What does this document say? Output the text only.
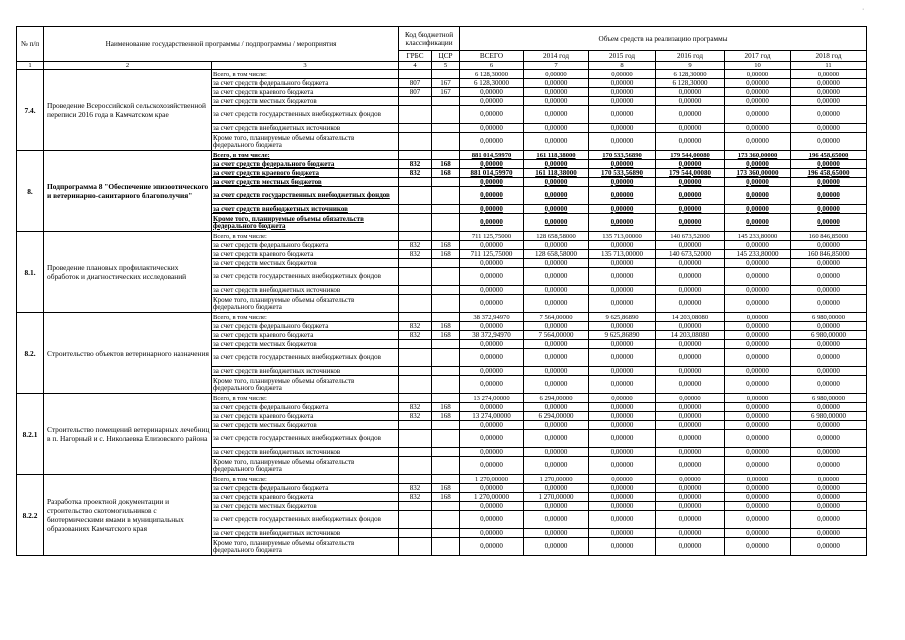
·
№ п/п	Наименование государственной программы / подпрограммы / мероприятия		Код бюджетной классификации		Объем средств на реализацию программы					
			ГРБС	ЦСР	ВСЕГО	2014 год	2015 год	2016 год	2017 год	2018 год
1	2	3	4	5	6	7	8	9	10	11
7.4.	Проведение Всероссийской сельскохозяйственной переписи 2016 года в Камчатском крае	Всего, в том числе:			6 128,30000	0,00000	0,00000	6 128,30000	0,00000	0,00000
		за счет средств федерального бюджета	807	167	6 128,30000	0,00000	0,00000	6 128,30000	0,00000	0,00000
		за счет средств краевого бюджета	807	167	0,00000	0,00000	0,00000	0,00000	0,00000	0,00000
		за счет средств местных бюджетов			0,00000	0,00000	0,00000	0,00000	0,00000	0,00000
		за счет средств государственных внебюджетных фондов			0,00000	0,00000	0,00000	0,00000	0,00000	0,00000
		за счет средств внебюджетных источников			0,00000	0,00000	0,00000	0,00000	0,00000	0,00000
		Кроме того, планируемые объемы обязательств федерального бюджета			0,00000	0,00000	0,00000	0,00000	0,00000	0,00000
8.	Подпрограмма 8 "Обеспечение эпизоотического и ветеринарно-санитарного благополучия"	Всего, в том числе:			881 014,59970	161 118,38000	170 533,56890	179 544,00080	173 360,00000	196 458,65000
		за счет средств федерального бюджета	832	168	0,00000	0,00000	0,00000	0,00000	0,00000	0,00000
		за счет средств краевого бюджета	832	168	881 014,59970	161 118,38000	170 533,56890	179 544,00080	173 360,00000	196 458,65000
		за счет средств местных бюджетов			0,00000	0,00000	0,00000	0,00000	0,00000	0,00000
		за счет средств государственных внебюджетных фондов			0,00000	0,00000	0,00000	0,00000	0,00000	0,00000
		за счет средств внебюджетных источников			0,00000	0,00000	0,00000	0,00000	0,00000	0,00000
		Кроме того, планируемые объемы обязательств федерального бюджета			0,00000	0,00000	0,00000	0,00000	0,00000	0,00000
8.1.	Проведение плановых профилактических обработок и диагностических исследований	Всего, в том числе:			711 125,75000	128 658,58000	135 713,00000	140 673,52000	145 233,80000	160 846,85000
		за счет средств федерального бюджета	832	168	0,00000	0,00000	0,00000	0,00000	0,00000	0,00000
		за счет средств краевого бюджета	832	168	711 125,75000	128 658,58000	135 713,00000	140 673,52000	145 233,80000	160 846,85000
		за счет средств местных бюджетов			0,00000	0,00000	0,00000	0,00000	0,00000	0,00000
		за счет средств государственных внебюджетных фондов			0,00000	0,00000	0,00000	0,00000	0,00000	0,00000
		за счет средств внебюджетных источников			0,00000	0,00000	0,00000	0,00000	0,00000	0,00000
		Кроме того, планируемые объемы обязательств федерального бюджета			0,00000	0,00000	0,00000	0,00000	0,00000	0,00000
8.2.	Строительство объектов ветеринарного назначения	Всего, в том числе:			38 372,94970	7 564,00000	9 625,86890	14 203,08080	0,00000	6 980,00000
		за счет средств федерального бюджета	832	168	0,00000	0,00000	0,00000	0,00000	0,00000	0,00000
		за счет средств краевого бюджета	832	168	38 372,94970	7 564,00000	9 625,86890	14 203,08080	0,00000	6 980,00000
		за счет средств местных бюджетов			0,00000	0,00000	0,00000	0,00000	0,00000	0,00000
		за счет средств государственных внебюджетных фондов			0,00000	0,00000	0,00000	0,00000	0,00000	0,00000
		за счет средств внебюджетных источников			0,00000	0,00000	0,00000	0,00000	0,00000	0,00000
		Кроме того, планируемые объемы обязательств федерального бюджета			0,00000	0,00000	0,00000	0,00000	0,00000	0,00000
8.2.1	Строительство помещений ветеринарных лечебниц в п. Нагорный и с. Николаевка Елизовского района	Всего, в том числе:			13 274,00000	6 294,00000	0,00000	0,00000	0,00000	6 980,00000
		за счет средств федерального бюджета	832	168	0,00000	0,00000	0,00000	0,00000	0,00000	0,00000
		за счет средств краевого бюджета	832	168	13 274,00000	6 294,00000	0,00000	0,00000	0,00000	6 980,00000
		за счет средств местных бюджетов			0,00000	0,00000	0,00000	0,00000	0,00000	0,00000
		за счет средств государственных внебюджетных фондов			0,00000	0,00000	0,00000	0,00000	0,00000	0,00000
		за счет средств внебюджетных источников			0,00000	0,00000	0,00000	0,00000	0,00000	0,00000
		Кроме того, планируемые объемы обязательств федерального бюджета			0,00000	0,00000	0,00000	0,00000	0,00000	0,00000
8.2.2	Разработка проектной документации и строительство скотомогильников с биотермическими ямами в муниципальных образованиях Камчатского края	Всего, в том числе:			1 270,00000	1 270,00000	0,00000	0,00000	0,00000	0,00000
		за счет средств федерального бюджета	832	168	0,00000	0,00000	0,00000	0,00000	0,00000	0,00000
		за счет средств краевого бюджета	832	168	1 270,00000	1 270,00000	0,00000	0,00000	0,00000	0,00000
		за счет средств местных бюджетов			0,00000	0,00000	0,00000	0,00000	0,00000	0,00000
		за счет средств государственных внебюджетных фондов			0,00000	0,00000	0,00000	0,00000	0,00000	0,00000
		за счет средств внебюджетных источников			0,00000	0,00000	0,00000	0,00000	0,00000	0,00000
		Кроме того, планируемые объемы обязательств федерального бюджета			0,00000	0,00000	0,00000	0,00000	0,00000	0,00000
